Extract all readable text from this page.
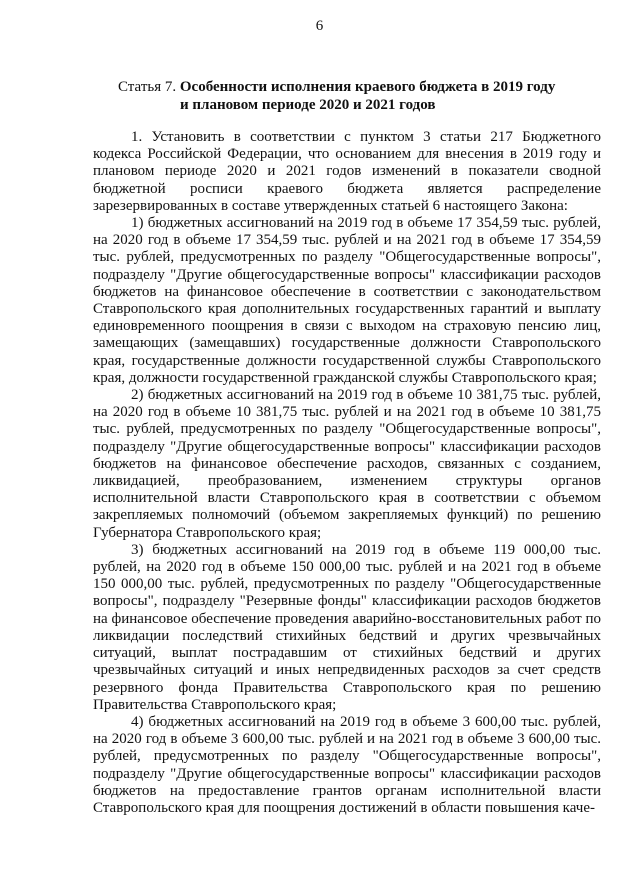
6
Статья 7. Особенности исполнения краевого бюджета в 2019 году
и плановом периоде 2020 и 2021 годов

1. Установить в соответствии с пунктом 3 статьи 217 Бюджетного кодекса Российской Федерации, что основанием для внесения в 2019 году и плановом периоде 2020 и 2021 годов изменений в показатели сводной бюджетной росписи краевого бюджета является распределение зарезервированных в составе утвержденных статьей 6 настоящего Закона:

1) бюджетных ассигнований на 2019 год в объеме 17 354,59 тыс. рублей, на 2020 год в объеме 17 354,59 тыс. рублей и на 2021 год в объеме 17 354,59 тыс. рублей, предусмотренных по разделу "Общегосударственные вопросы", подразделу "Другие общегосударственные вопросы" классификации расходов бюджетов на финансовое обеспечение в соответствии с законодательством Ставропольского края дополнительных государственных гарантий и выплату единовременного поощрения в связи с выходом на страховую пенсию лиц, замещающих (замещавших) государственные должности Ставропольского края, государственные должности государственной службы Ставропольского края, должности государственной гражданской службы Ставропольского края;

2) бюджетных ассигнований на 2019 год в объеме 10 381,75 тыс. рублей, на 2020 год в объеме 10 381,75 тыс. рублей и на 2021 год в объеме 10 381,75 тыс. рублей, предусмотренных по разделу "Общегосударственные вопросы", подразделу "Другие общегосударственные вопросы" классификации расходов бюджетов на финансовое обеспечение расходов, связанных с созданием, ликвидацией, преобразованием, изменением структуры органов исполнительной власти Ставропольского края в соответствии с объемом закрепляемых полномочий (объемом закрепляемых функций) по решению Губернатора Ставропольского края;

3) бюджетных ассигнований на 2019 год в объеме 119 000,00 тыс. рублей, на 2020 год в объеме 150 000,00 тыс. рублей и на 2021 год в объеме 150 000,00 тыс. рублей, предусмотренных по разделу "Общегосударственные вопросы", подразделу "Резервные фонды" классификации расходов бюджетов на финансовое обеспечение проведения аварийно-восстановительных работ по ликвидации последствий стихийных бедствий и других чрезвычайных ситуаций, выплат пострадавшим от стихийных бедствий и других чрезвычайных ситуаций и иных непредвиденных расходов за счет средств резервного фонда Правительства Ставропольского края по решению Правительства Ставропольского края;

4) бюджетных ассигнований на 2019 год в объеме 3 600,00 тыс. рублей, на 2020 год в объеме 3 600,00 тыс. рублей и на 2021 год в объеме 3 600,00 тыс. рублей, предусмотренных по разделу "Общегосударственные вопросы", подразделу "Другие общегосударственные вопросы" классификации расходов бюджетов на предоставление грантов органам исполнительной власти Ставропольского края для поощрения достижений в области повышения каче-
